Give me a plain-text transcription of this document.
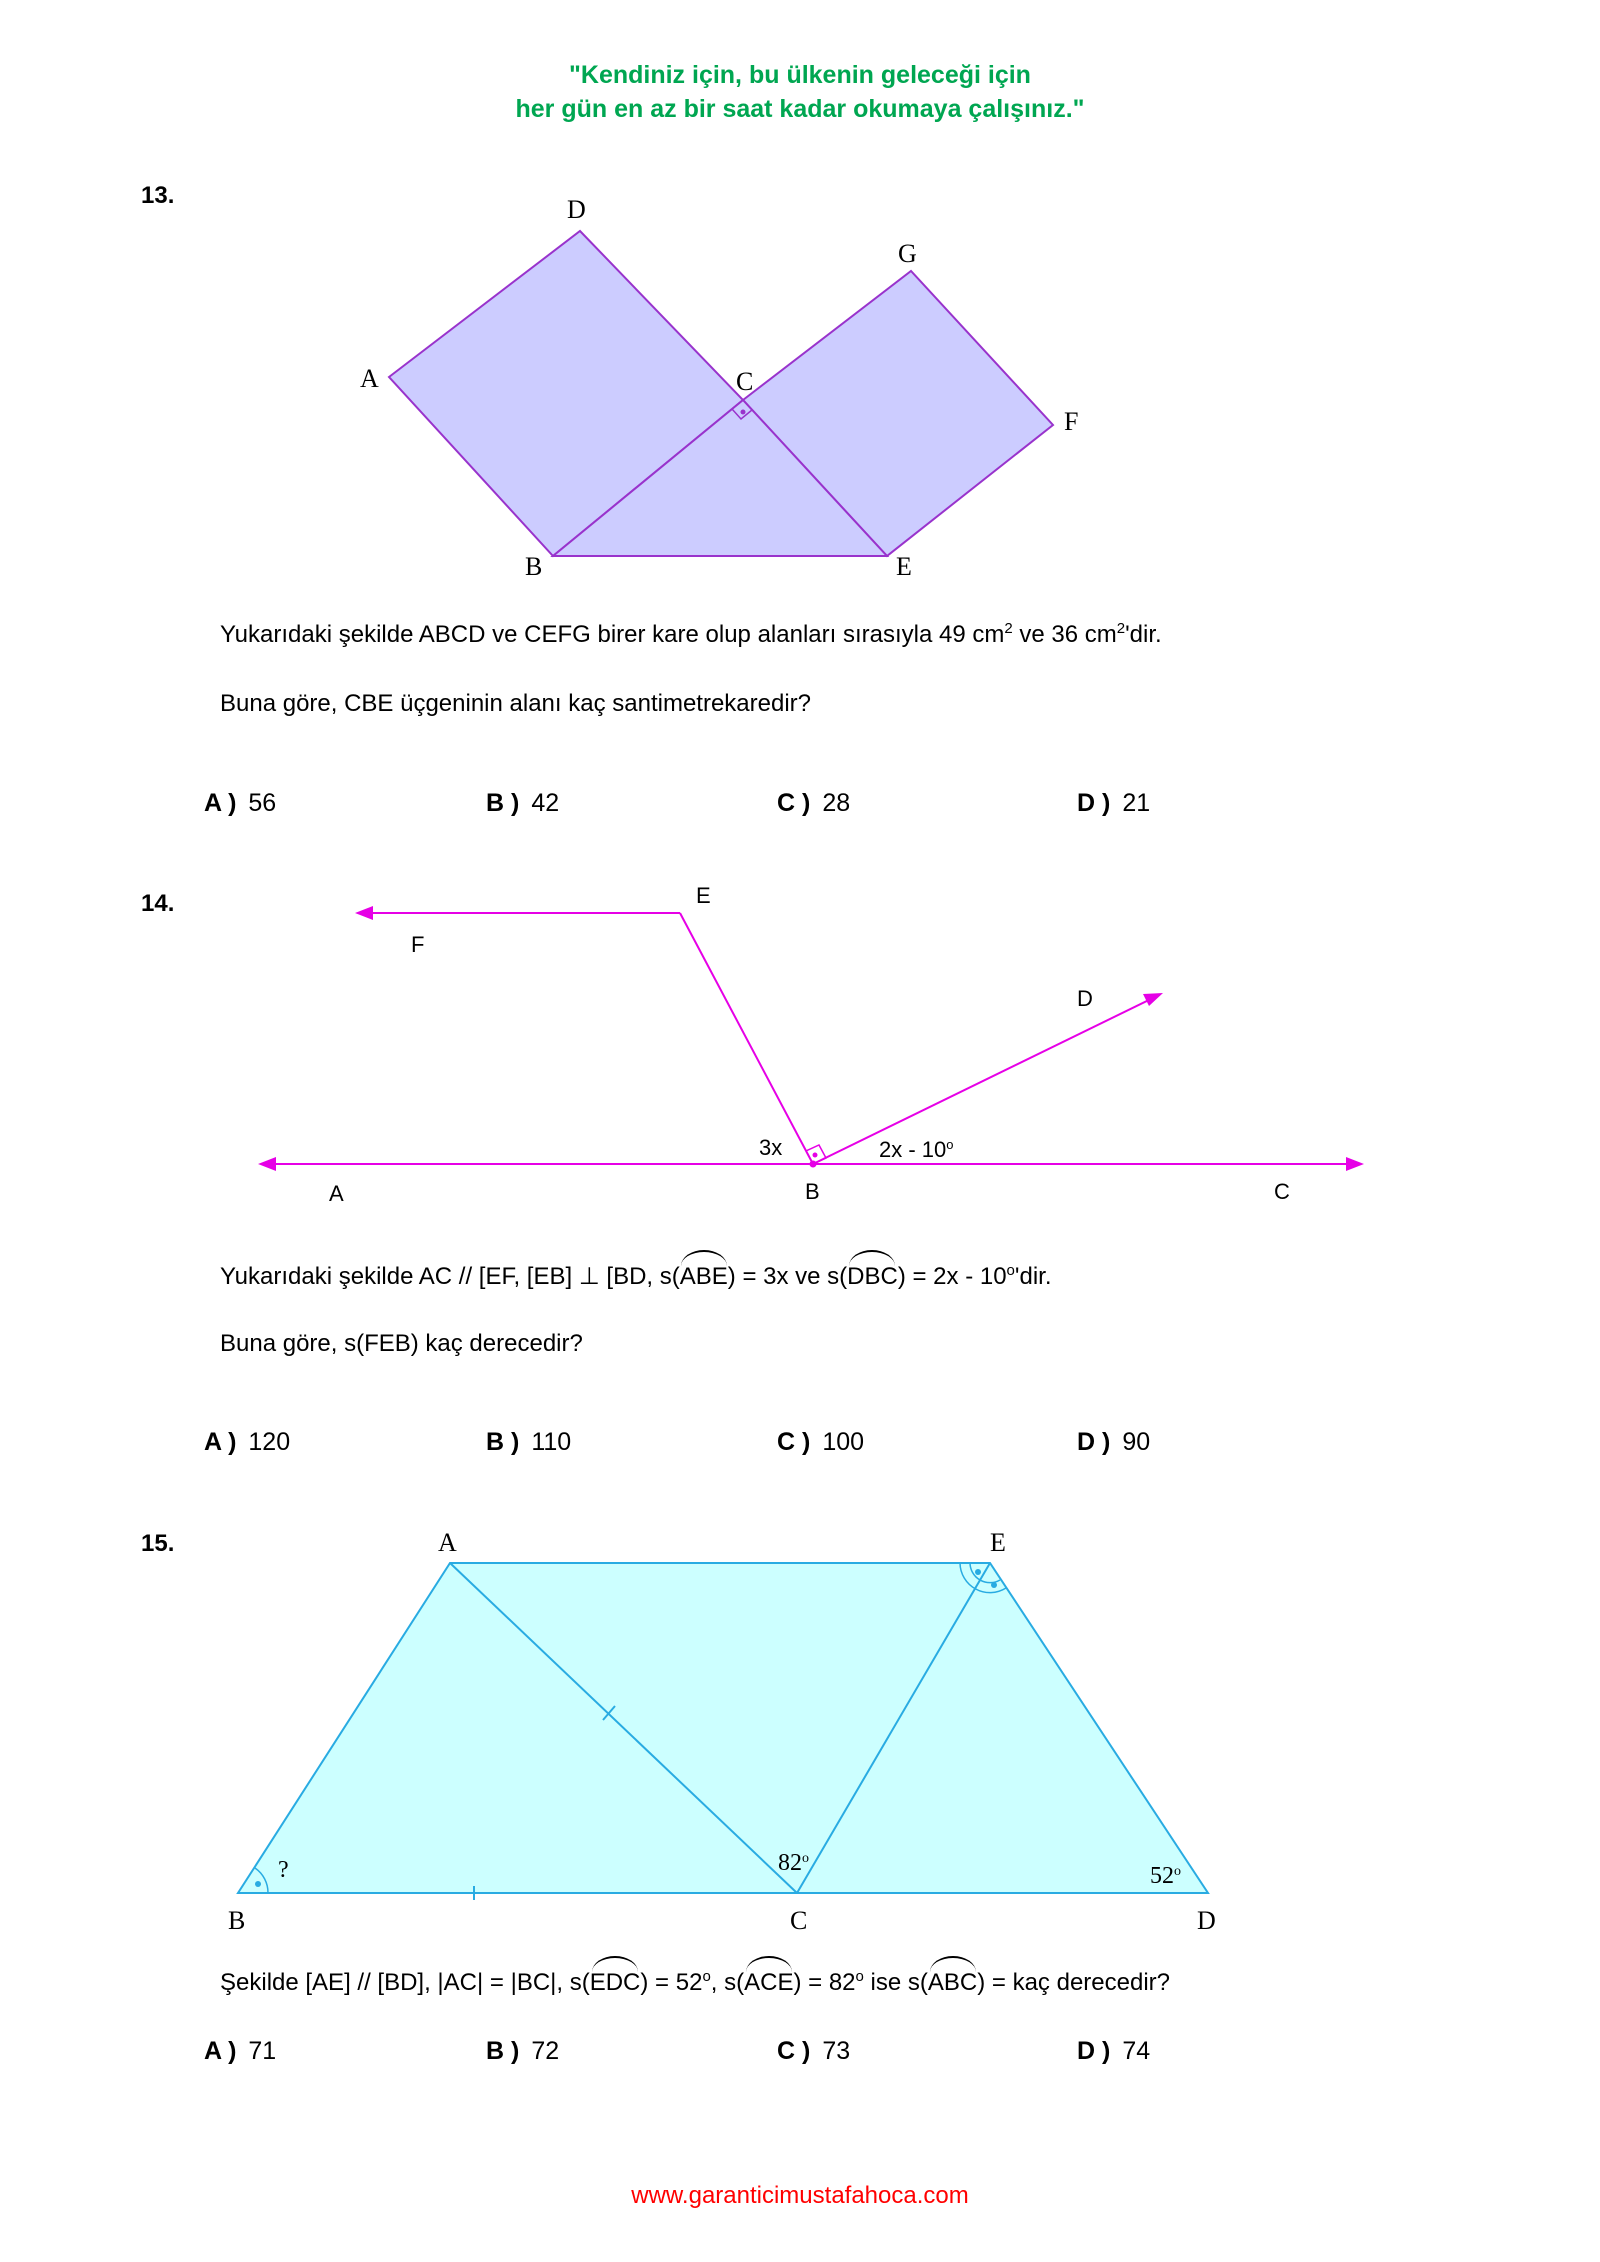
"Kendiniz için, bu ülkenin geleceği için
her gün en az bir saat kadar okumaya çalışınız."
13.
A
B
C
D
E
F
G
Yukarıdaki şekilde ABCD ve CEFG birer kare olup alanları sırasıyla 49 $cm^2$ ve 36 $cm^2'dir$.
Buna göre, CBE üçgeninin alanı kaç santimetrekaredir?
A ) 56	B ) 42	C ) 28	D ) 21
14.	E
F
D
A	B	C
3x	2x - 10$^o$
Yukarıdaki şekilde AC // [EF, [EB] ⊥ [BD, s(ABE) = 3x ve s(DBC) = 2x - 10$^o$'dir.
Buna göre, s(FEB) kaç derecedir?
A ) 120	B ) 110	C ) 100	D ) 90
15.	A	E
B	C	D
?	82$^o$
52$^o$
Şekilde [AE] // [BD], |AC| = |BC|, $s(EDC) = 52^o$, $s(ACE) = 82^o$ ise s(ABC) = kaç derecedir?
A ) 71	B ) 72	C ) 73	D ) 74
www.garanticimustafahoca.com
